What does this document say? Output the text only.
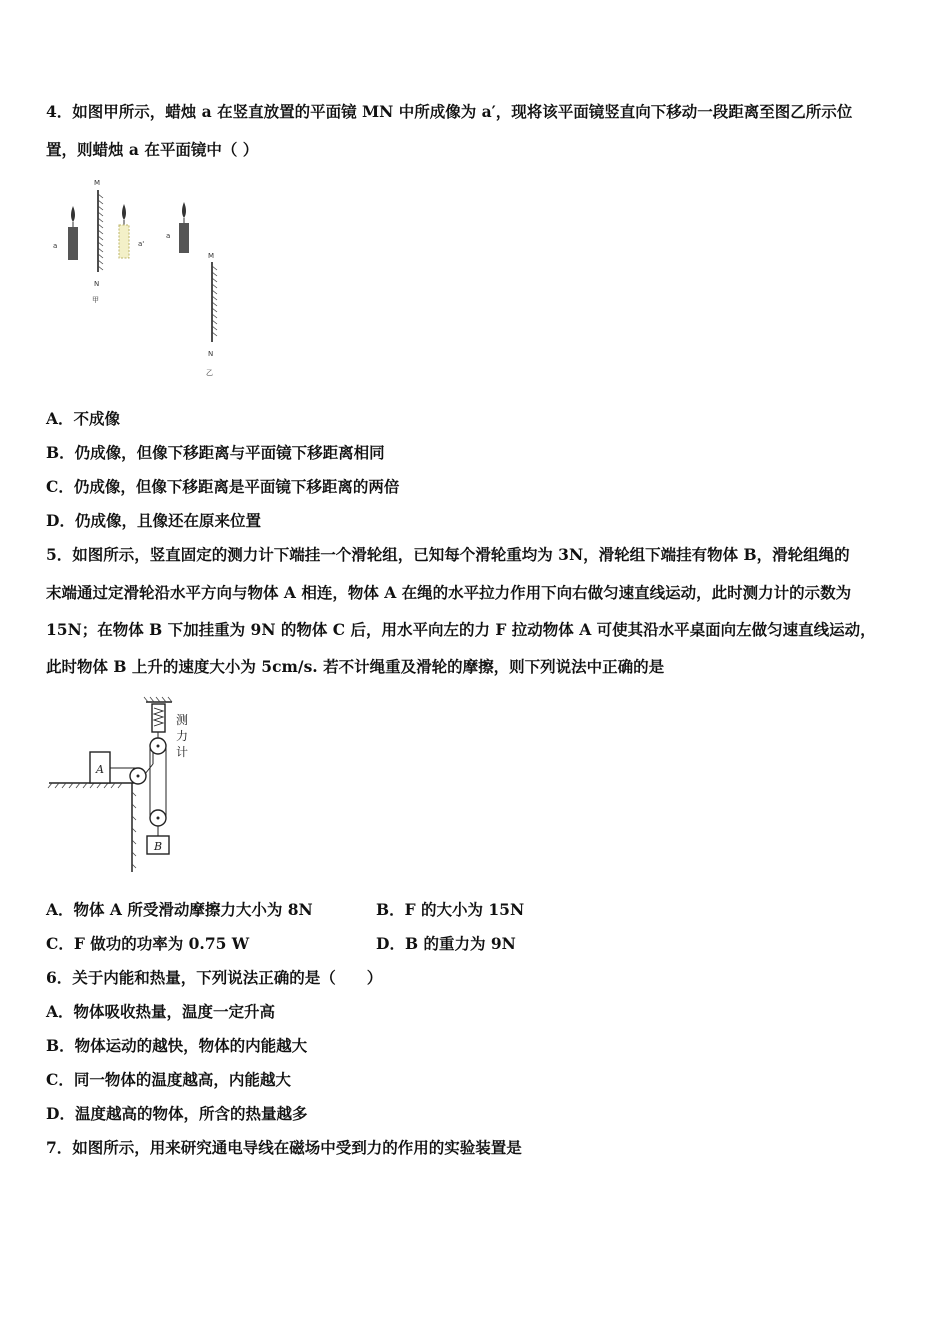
4．如图甲所示，蜡烛 a 在竖直放置的平面镜 MN 中所成像为 a′，现将该平面镜竖直向下移动一段距离至图乙所示位
置，则蜡烛 a 在平面镜中（ ）
M
N
甲
a	a'
a
M
N
乙
A．不成像
B．仍成像，但像下移距离与平面镜下移距离相同
C．仍成像，但像下移距离是平面镜下移距离的两倍
D．仍成像，且像还在原来位置
5．如图所示，竖直固定的测力计下端挂一个滑轮组，已知每个滑轮重均为 3N，滑轮组下端挂有物体 B，滑轮组绳的
末端通过定滑轮沿水平方向与物体 A 相连，物体 A 在绳的水平拉力作用下向右做匀速直线运动，此时测力计的示数为
15N；在物体 B 下加挂重为 9N 的物体 C 后，用水平向左的力 F 拉动物体 A 可使其沿水平桌面向左做匀速直线运动，
此时物体 B 上升的速度大小为 5cm/s. 若不计绳重及滑轮的摩擦，则下列说法中正确的是
测
力
计
A
B
A．物体 A 所受滑动摩擦力大小为 8N	B．F 的大小为 15N
C．F 做功的功率为 0.75 W	D．B 的重力为 9N
6．关于内能和热量，下列说法正确的是（　　）
A．物体吸收热量，温度一定升高
B．物体运动的越快，物体的内能越大
C．同一物体的温度越高，内能越大
D．温度越高的物体，所含的热量越多
7．如图所示，用来研究通电导线在磁场中受到力的作用的实验装置是
